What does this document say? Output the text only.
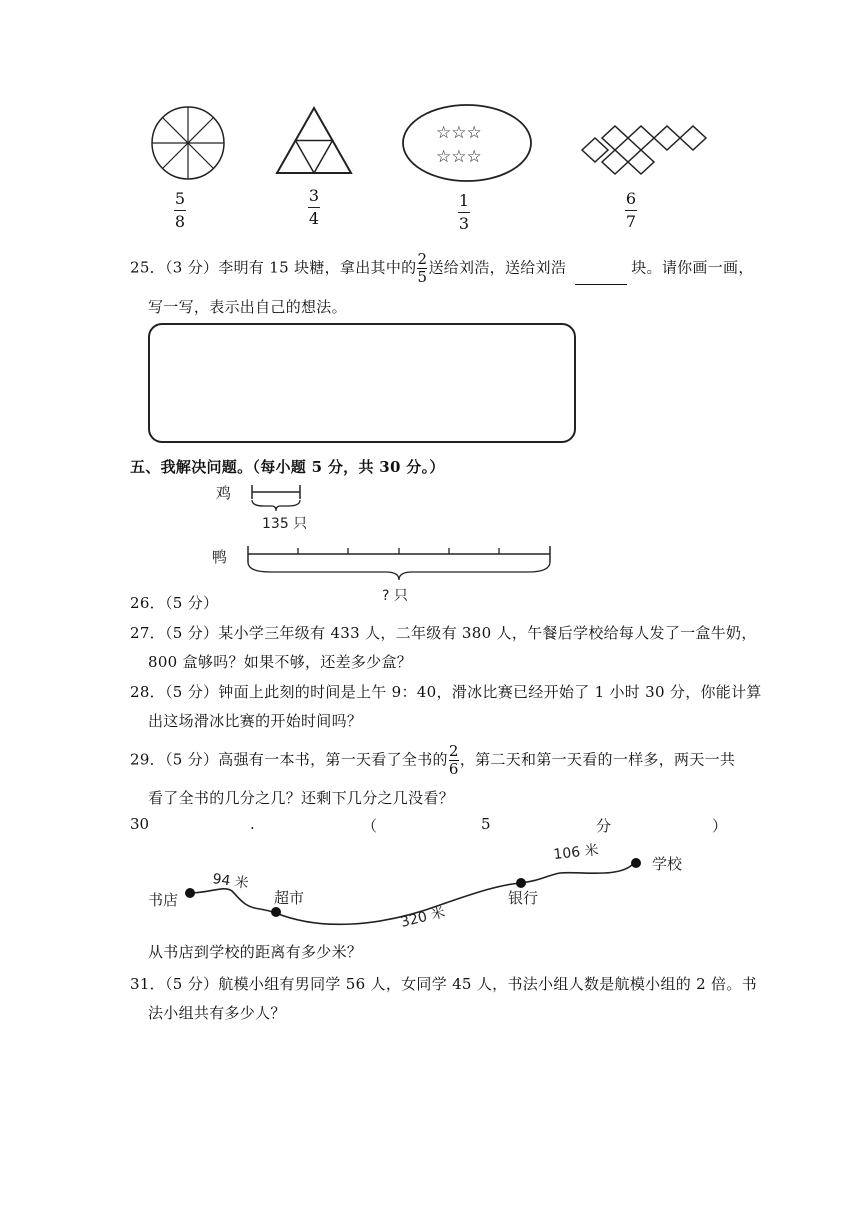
☆☆☆
☆☆☆
5
8
3
4
1
3
6
7
25．（3 分）李明有 15 块糖，拿出其中的 $\frac{2}{5}$ 送给刘浩，送给刘浩	块。请你画一画，
写一写，表示出自己的想法。
五、我解决问题。（每小题 5 分，共 30 分。）
鸡
135 只
鸭
? 只
26．（5 分）
27．（5 分）某小学三年级有 433 人，二年级有 380 人，午餐后学校给每人发了一盒牛奶，
800 盒够吗？如果不够，还差多少盒？
28．（5 分）钟面上此刻的时间是上午 9：40，滑冰比赛已经开始了 1 小时 30 分，你能计算
出这场滑冰比赛的开始时间吗？
29．（5 分）高强有一本书，第一天看了全书的 $\frac{2}{6}$ ，第二天和第一天看的一样多，两天一共
看了全书的几分之几？还剩下几分之几没看？
30	.	（	5	分	）
书店	超市	银行
学校
94 米
320 米
106 米
从书店到学校的距离有多少米？
31．（5 分）航模小组有男同学 56 人，女同学 45 人，书法小组人数是航模小组的 2 倍。书
法小组共有多少人？
